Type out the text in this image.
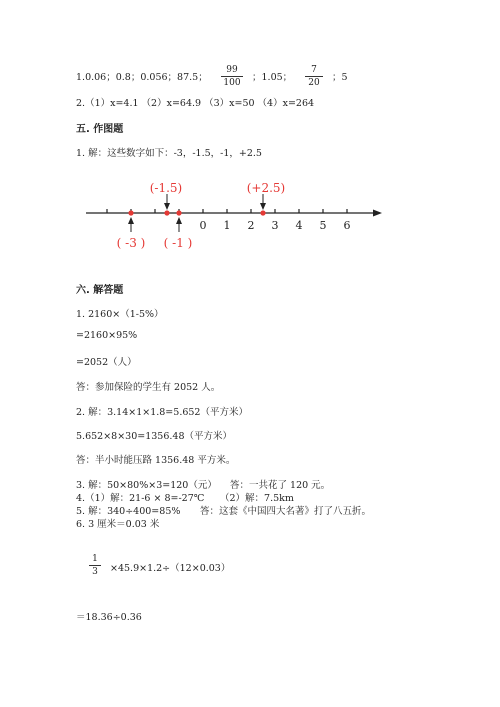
1.0.06；0.8；0.056；87.5；
99
100 ；1.05；
7
20	；5
2.（1）x=4.1 （2）x=64.9 （3）x=50 （4）x=264
五. 作图题
1. 解：这些数字如下：-3，-1.5，-1，+2.5
0 1 2 3 4 5 6
(-1.5)	(+2.5)
( -3 ) ( -1 )
六. 解答题
1. 2160×（1-5%）
=2160×95%
=2052（人）
答：参加保险的学生有 2052 人。
2. 解：3.14×1×1.8=5.652（平方米）
5.652×8×30=1356.48（平方米）
答：半小时能压路 1356.48 平方米。
3. 解：50×80%×3=120（元） 答：一共花了 120 元。
4.（1）解：21-6 × 8=-27℃ （2）解：7.5km
5. 解：340÷400=85% 答：这套《中国四大名著》打了八五折。
6. 3 厘米＝0.03 米
1
3	×45.9×1.2÷（12×0.03）
＝18.36÷0.36
